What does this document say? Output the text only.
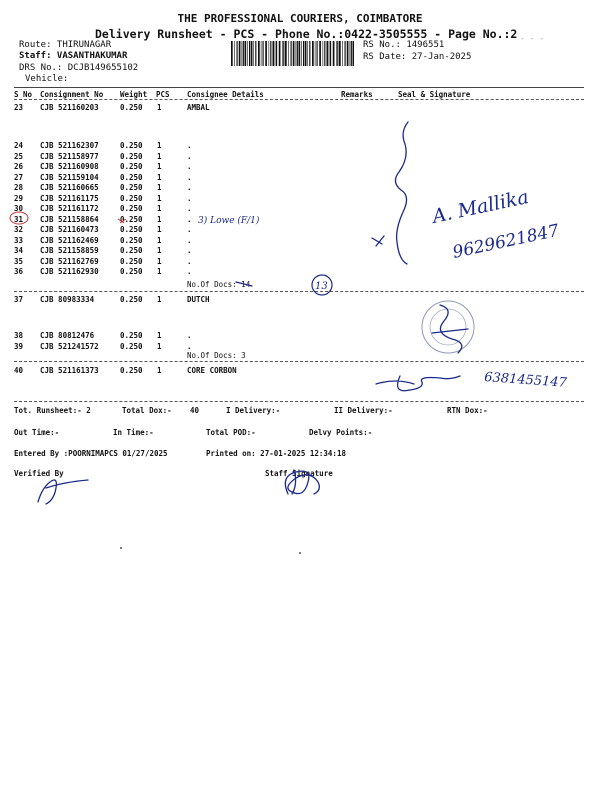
THE PROFESSIONAL COURIERS, COIMBATORE
Delivery Runsheet - PCS - Phone No.:0422-3505555 - Page No.:2
Route: THIRUNAGAR
Staff: VASANTHAKUMAR
DRS No.: DCJB149655102
Vehicle:
RS No.: 1496551
RS Date: 27-Jan-2025
S No Consignment No Weight PCS Consignee Details	Remarks	Seal & Signature
23 CJB 521160203	0.250 1	AMBAL
24 CJB 521162307	0.250 1	.
25 CJB 521158977	0.250 1	.
26 CJB 521160908	0.250 1	.
27 CJB 521159104	0.250 1	.
28 CJB 521160665	0.250 1	.
29 CJB 521161175	0.250 1	.
30 CJB 521161172	0.250 1	.
31 CJB 521158864	0.250 1	.
32 CJB 521160473	0.250 1	.
33 CJB 521162469	0.250 1	.
34 CJB 521158859	0.250 1	.
35 CJB 521162769	0.250 1	.
36 CJB 521162930	0.250 1	.
No.Of Docs: 14
37 CJB 80983334	0.250 1	DUTCH
38 CJB 80812476	0.250 1	.
39 CJB 521241572	0.250 1	.
No.Of Docs: 3
40 CJB 521161373	0.250 1	CORE CORBON
Tot. Runsheet:- 2	Total Dox:- 40	I Delivery:-	II Delivery:-	RTN Dox:-
Out Time:-	In Time:-	Total POD:-	Delvy Points:-
Entered By :POORNIMAPCS 01/27/2025	Printed on: 27-01-2025 12:34:18
Verified By	Staff Signature
3) Lowe (F/1)
13
A. Mallika
9629621847
6381455147
- - -
